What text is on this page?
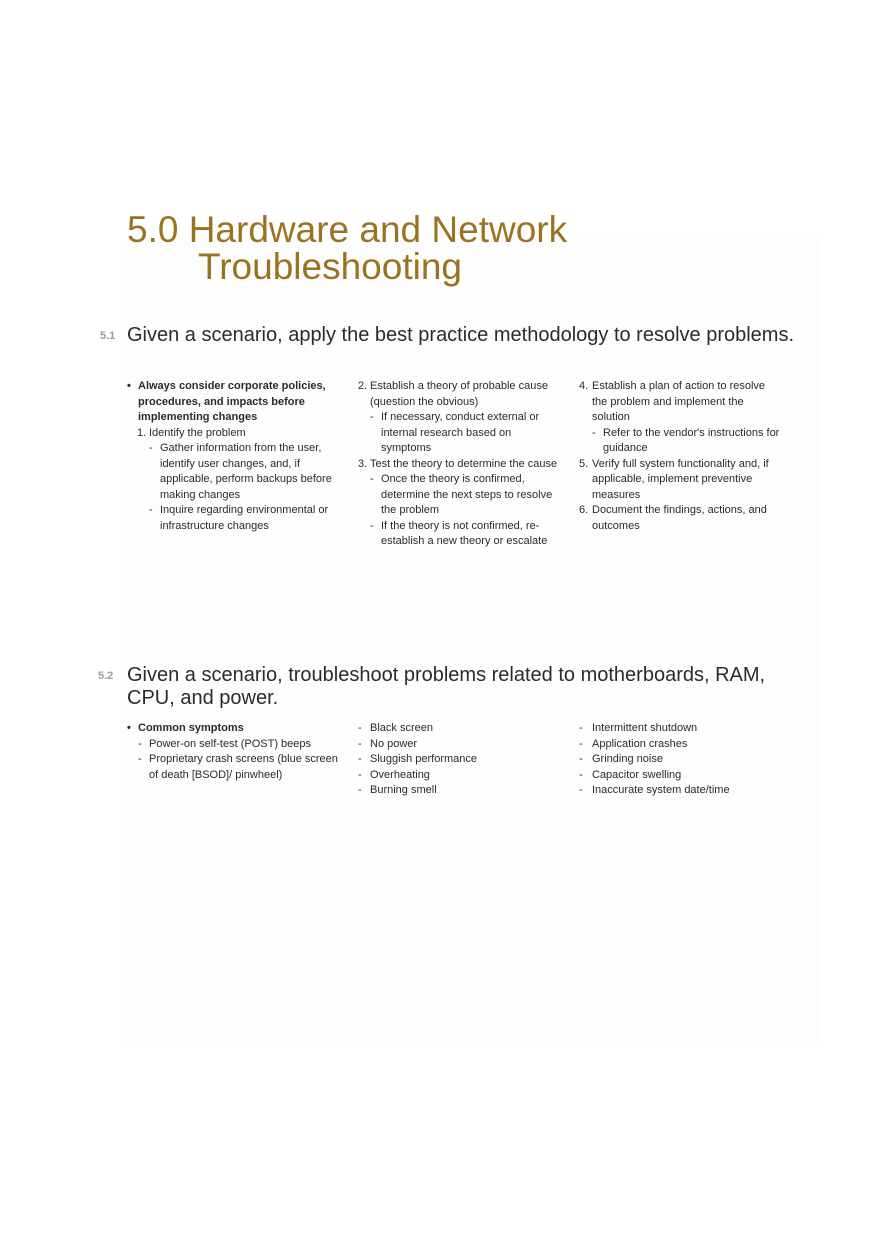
5.0 Hardware and Network

Troubleshooting
5.1 Given a scenario, apply the best practice methodology to resolve problems.
• Always consider corporate policies, procedures, and impacts before implementing changes
1. Identify the problem
- Gather information from the user, identify user changes, and, if applicable, perform backups before making changes
- Inquire regarding environmental or infrastructure changes
2. Establish a theory of probable cause (question the obvious)
- If necessary, conduct external or internal research based on symptoms
3. Test the theory to determine the cause
- Once the theory is confirmed, determine the next steps to resolve the problem
- If the theory is not confirmed, re-establish a new theory or escalate
4. Establish a plan of action to resolve the problem and implement the solution
- Refer to the vendor's instructions for guidance
5. Verify full system functionality and, if applicable, implement preventive measures
6. Document the findings, actions, and outcomes
5.2 Given a scenario, troubleshoot problems related to motherboards, RAM, CPU, and power.
• Common symptoms
- Power-on self-test (POST) beeps
- Proprietary crash screens (blue screen of death [BSOD]/ pinwheel)
- Black screen
- No power
- Sluggish performance
- Overheating
- Burning smell
- Intermittent shutdown
- Application crashes
- Grinding noise
- Capacitor swelling
- Inaccurate system date/time
